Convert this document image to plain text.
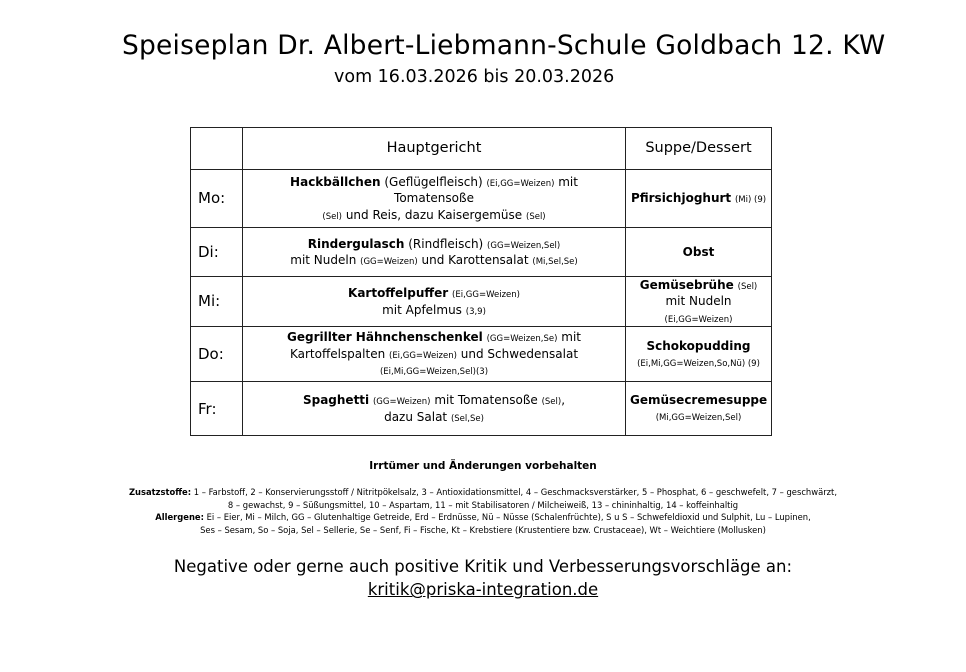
Speiseplan Dr. Albert-Liebmann-Schule Goldbach 12. KW
vom 16.03.2026 bis 20.03.2026
	Hauptgericht	Suppe/Dessert
Mo:	Hackbällchen (Geflügelfleisch) (Ei,GG=Weizen) mit Tomatensoße
(Sel) und Reis, dazu Kaisergemüse (Sel)	Pfirsichjoghurt (Mi) (9)
Di:	Rindergulasch (Rindfleisch) (GG=Weizen,Sel)
mit Nudeln (GG=Weizen) und Karottensalat (Mi,Sel,Se)	Obst
Mi:	Kartoffelpuffer (Ei,GG=Weizen)
mit Apfelmus (3,9)	Gemüsebrühe (Sel)
mit Nudeln
(Ei,GG=Weizen)
Do:	Gegrillter Hähnchenschenkel (GG=Weizen,Se) mit
Kartoffelspalten (Ei,GG=Weizen) und Schwedensalat
(Ei,Mi,GG=Weizen,Sel)(3)	Schokopudding
(Ei,Mi,GG=Weizen,So,Nü) (9)
Fr:	Spaghetti (GG=Weizen) mit Tomatensoße (Sel),
dazu Salat (Sel,Se)	Gemüsecremesuppe
(Mi,GG=Weizen,Sel)
Irrtümer und Änderungen vorbehalten
Zusatzstoffe: 1 – Farbstoff, 2 – Konservierungsstoff / Nitritpökelsalz, 3 – Antioxidationsmittel, 4 – Geschmacksverstärker, 5 – Phosphat, 6 – geschwefelt, 7 – geschwärzt,
8 – gewachst, 9 – Süßungsmittel, 10 – Aspartam, 11 – mit Stabilisatoren / Milcheiweiß, 13 – chininhaltig, 14 – koffeinhaltig
Allergene: Ei – Eier, Mi – Milch, GG – Glutenhaltige Getreide, Erd – Erdnüsse, Nü – Nüsse (Schalenfrüchte), S u S – Schwefeldioxid und Sulphit, Lu – Lupinen,
Ses – Sesam, So – Soja, Sel – Sellerie, Se – Senf, Fi – Fische, Kt – Krebstiere (Krustentiere bzw. Crustaceae), Wt – Weichtiere (Mollusken)
Negative oder gerne auch positive Kritik und Verbesserungsvorschläge an:
kritik@priska-integration.de
